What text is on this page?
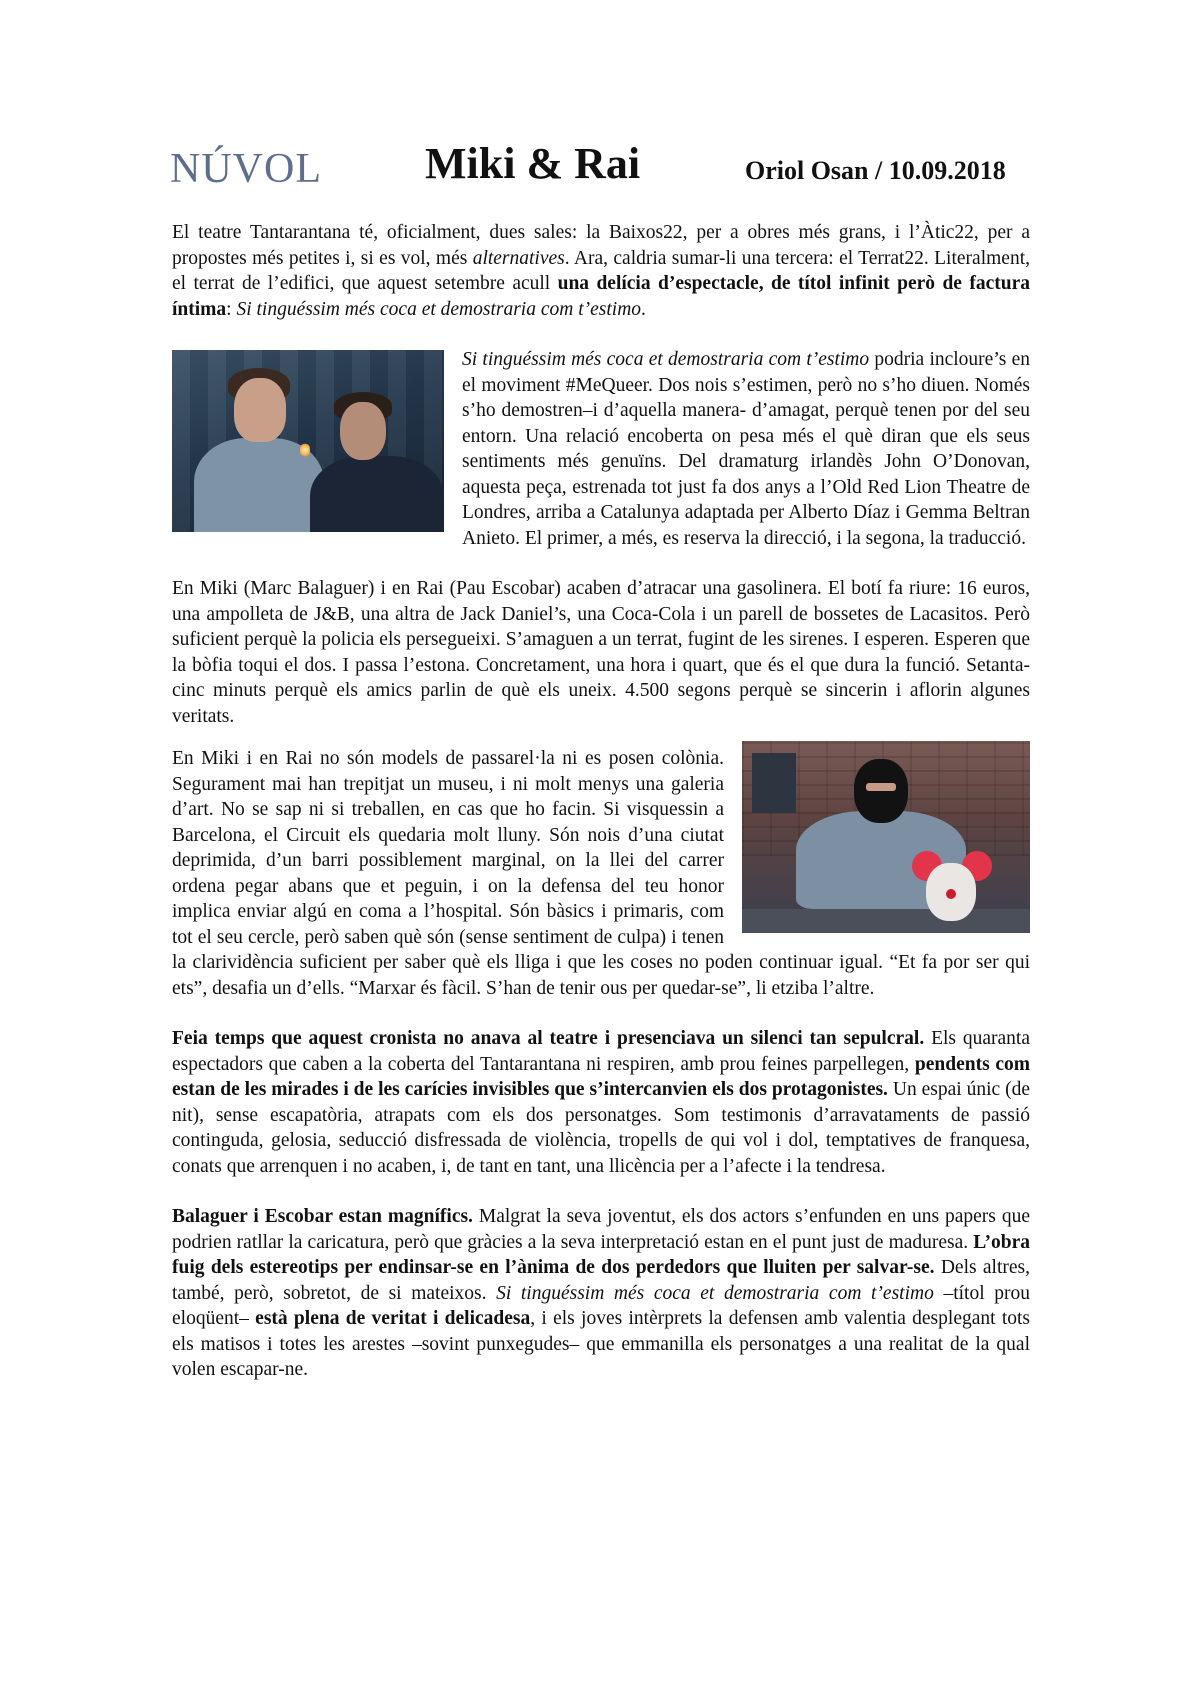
NÚVOL Miki & Rai	Oriol Osan / 10.09.2018

El teatre Tantarantana té, oficialment, dues sales: la Baixos22, per a obres més grans, i l’Àtic22, per a propostes més petites i, si es vol, més alternatives. Ara, caldria sumar-li una tercera: el Terrat22. Literalment, el terrat de l’edifici, que aquest setembre acull una delícia d’espectacle, de títol infinit però de factura íntima: Si tinguéssim més coca et demostraria com t’estimo.

Si tinguéssim més coca et demostraria com t’estimo podria incloure’s en el moviment #MeQueer. Dos nois s’estimen, però no s’ho diuen. Només s’ho demostren–i d’aquella manera- d’amagat, perquè tenen por del seu entorn. Una relació encoberta on pesa més el què diran que els seus sentiments més genuïns. Del dramaturg irlandès John O’Donovan, aquesta peça, estrenada tot just fa dos anys a l’Old Red Lion Theatre de Londres, arriba a Catalunya adaptada per Alberto Díaz i Gemma Beltran Anieto. El primer, a més, es reserva la direcció, i la segona, la traducció.

En Miki (Marc Balaguer) i en Rai (Pau Escobar) acaben d’atracar una gasolinera. El botí fa riure: 16 euros, una ampolleta de J&B, una altra de Jack Daniel’s, una Coca-Cola i un parell de bossetes de Lacasitos. Però suficient perquè la policia els persegueixi. S’amaguen a un terrat, fugint de les sirenes. I esperen. Esperen que la bòfia toqui el dos. I passa l’estona. Concretament, una hora i quart, que és el que dura la funció. Setanta-cinc minuts perquè els amics parlin de què els uneix. 4.500 segons perquè se sincerin i aflorin algunes veritats.

En Miki i en Rai no són models de passarel·la ni es posen colònia. Segurament mai han trepitjat un museu, i ni molt menys una galeria d’art. No se sap ni si treballen, en cas que ho facin. Si visquessin a Barcelona, el Circuit els quedaria molt lluny. Són nois d’una ciutat deprimida, d’un barri possiblement marginal, on la llei del carrer ordena pegar abans que et peguin, i on la defensa del teu honor implica enviar algú en coma a l’hospital. Són bàsics i primaris, com tot el seu cercle, però saben què són (sense sentiment de culpa) i tenen la clarividència suficient per saber què els lliga i que les coses no poden continuar igual. “Et fa por ser qui ets”, desafia un d’ells. “Marxar és fàcil. S’han de tenir ous per quedar-se”, li etziba l’altre.

Feia temps que aquest cronista no anava al teatre i presenciava un silenci tan sepulcral. Els quaranta espectadors que caben a la coberta del Tantarantana ni respiren, amb prou feines parpellegen, pendents com estan de les mirades i de les carícies invisibles que s’intercanvien els dos protagonistes. Un espai únic (de nit), sense escapatòria, atrapats com els dos personatges. Som testimonis d’arravataments de passió continguda, gelosia, seducció disfressada de violència, tropells de qui vol i dol, temptatives de franquesa, conats que arrenquen i no acaben, i, de tant en tant, una llicència per a l’afecte i la tendresa.

Balaguer i Escobar estan magnífics. Malgrat la seva joventut, els dos actors s’enfunden en uns papers que podrien ratllar la caricatura, però que gràcies a la seva interpretació estan en el punt just de maduresa. L’obra fuig dels estereotips per endinsar-se en l’ànima de dos perdedors que lluiten per salvar-se. Dels altres, també, però, sobretot, de si mateixos. Si tinguéssim més coca et demostraria com t’estimo –títol prou eloqüent– està plena de veritat i delicadesa, i els joves intèrprets la defensen amb valentia desplegant tots els matisos i totes les arestes –sovint punxegudes– que emmanilla els personatges a una realitat de la qual volen escapar-ne.
